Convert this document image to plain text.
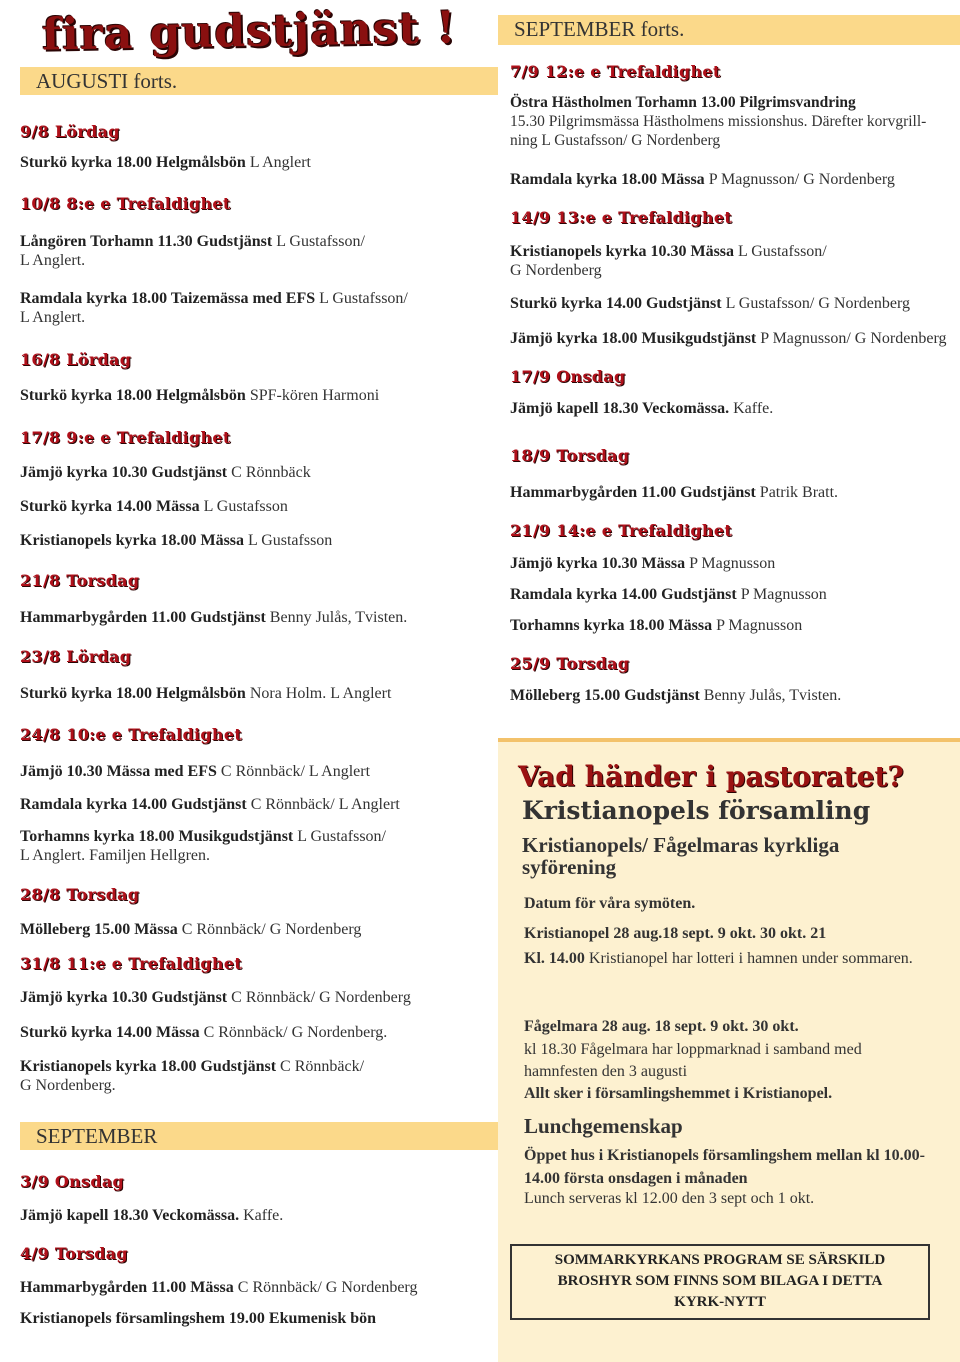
fira gudstjänst !
AUGUSTI forts.
9/8 Lördag
Sturkö kyrka 18.00 Helgmålsbön L Anglert
10/8 8:e e Trefaldighet
Långören Torhamn 11.30 Gudstjänst L Gustafsson/
L Anglert.
Ramdala kyrka 18.00 Taizemässa med EFS L Gustafsson/
L Anglert.
16/8 Lördag
Sturkö kyrka 18.00 Helgmålsbön SPF-kören Harmoni
17/8 9:e e Trefaldighet
Jämjö kyrka 10.30 Gudstjänst C Rönnbäck
Sturkö kyrka 14.00 Mässa L Gustafsson
Kristianopels kyrka 18.00 Mässa L Gustafsson
21/8 Torsdag
Hammarbygården 11.00 Gudstjänst Benny Julås, Tvisten.
23/8 Lördag
Sturkö kyrka 18.00 Helgmålsbön Nora Holm. L Anglert
24/8 10:e e Trefaldighet
Jämjö 10.30 Mässa med EFS C Rönnbäck/ L Anglert
Ramdala kyrka 14.00 Gudstjänst C Rönnbäck/ L Anglert
Torhamns kyrka 18.00 Musikgudstjänst L Gustafsson/
L Anglert. Familjen Hellgren.
28/8 Torsdag
Mölleberg 15.00 Mässa C Rönnbäck/ G Nordenberg
31/8 11:e e Trefaldighet
Jämjö kyrka 10.30 Gudstjänst C Rönnbäck/ G Nordenberg
Sturkö kyrka 14.00 Mässa C Rönnbäck/ G Nordenberg.
Kristianopels kyrka 18.00 Gudstjänst C Rönnbäck/
G Nordenberg.
SEPTEMBER
3/9 Onsdag
Jämjö kapell 18.30 Veckomässa. Kaffe.
4/9 Torsdag
Hammarbygården 11.00 Mässa C Rönnbäck/ G Nordenberg
Kristianopels församlingshem 19.00 Ekumenisk bön
SEPTEMBER forts.
7/9 12:e e Trefaldighet
Östra Hästholmen Torhamn 13.00 Pilgrimsvandring
15.30 Pilgrimsmässa Hästholmens missionshus. Därefter korvgrill-
ning L Gustafsson/ G Nordenberg
Ramdala kyrka 18.00 Mässa P Magnusson/ G Nordenberg
14/9 13:e e Trefaldighet
Kristianopels kyrka 10.30 Mässa L Gustafsson/
G Nordenberg
Sturkö kyrka 14.00 Gudstjänst L Gustafsson/ G Nordenberg
Jämjö kyrka 18.00 Musikgudstjänst P Magnusson/ G Nordenberg
17/9 Onsdag
Jämjö kapell 18.30 Veckomässa. Kaffe.
18/9 Torsdag
Hammarbygården 11.00 Gudstjänst Patrik Bratt.
21/9 14:e e Trefaldighet
Jämjö kyrka 10.30 Mässa P Magnusson
Ramdala kyrka 14.00 Gudstjänst P Magnusson
Torhamns kyrka 18.00 Mässa P Magnusson
25/9 Torsdag
Mölleberg 15.00 Gudstjänst Benny Julås, Tvisten.
Vad händer i pastoratet?
Kristianopels församling
Kristianopels/ Fågelmaras kyrkliga syförening
Datum för våra symöten.
Kristianopel 28 aug.18 sept. 9 okt. 30 okt. 21
Kl. 14.00 Kristianopel har lotteri i hamnen under sommaren.
Fågelmara 28 aug. 18 sept. 9 okt. 30 okt.
kl 18.30 Fågelmara har loppmarknad i samband med hamnfesten den 3 augusti
Allt sker i församlingshemmet i Kristianopel.
Lunchgemenskap
Öppet hus i Kristianopels församlingshem mellan kl 10.00-14.00 första onsdagen i månaden
Lunch serveras kl 12.00 den 3 sept och 1 okt.
SOMMARKYRKANS PROGRAM SE SÄRSKILD
BROSHYR SOM FINNS SOM BILAGA I DETTA
KYRK-NYTT
